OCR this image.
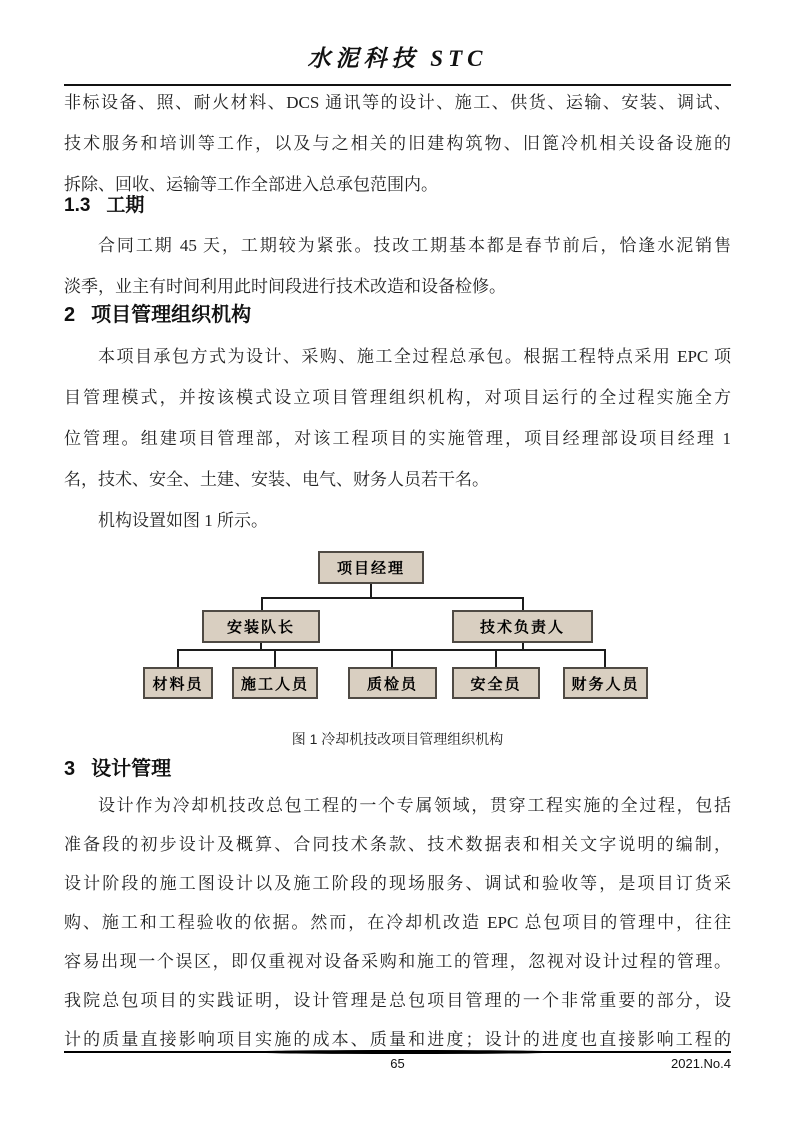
水泥科技 STC
非标设备、照、耐火材料、DCS 通讯等的设计、施工、供货、运输、安装、调试、
技术服务和培训等工作，以及与之相关的旧建构筑物、旧篦冷机相关设备设施的
拆除、回收、运输等工作全部进入总承包范围内。
1.3 工期
合同工期 45 天，工期较为紧张。技改工期基本都是春节前后，恰逢水泥销售
淡季，业主有时间利用此时间段进行技术改造和设备检修。
2 项目管理组织机构
本项目承包方式为设计、采购、施工全过程总承包。根据工程特点采用 EPC 项
目管理模式，并按该模式设立项目管理组织机构，对项目运行的全过程实施全方
位管理。组建项目管理部，对该工程项目的实施管理，项目经理部设项目经理 1
名，技术、安全、土建、安装、电气、财务人员若干名。
机构设置如图 1 所示。
项目经理
安装队长	技术负责人
材料员	施工人员	质检员	安全员	财务人员
图 1 冷却机技改项目管理组织机构
3 设计管理
设计作为冷却机技改总包工程的一个专属领域，贯穿工程实施的全过程，包括
准备段的初步设计及概算、合同技术条款、技术数据表和相关文字说明的编制，
设计阶段的施工图设计以及施工阶段的现场服务、调试和验收等，是项目订货采
购、施工和工程验收的依据。然而，在冷却机改造 EPC 总包项目的管理中，往往
容易出现一个误区，即仅重视对设备采购和施工的管理，忽视对设计过程的管理。
我院总包项目的实践证明，设计管理是总包项目管理的一个非常重要的部分，设
计的质量直接影响项目实施的成本、质量和进度；设计的进度也直接影响工程的
65	2021.No.4
